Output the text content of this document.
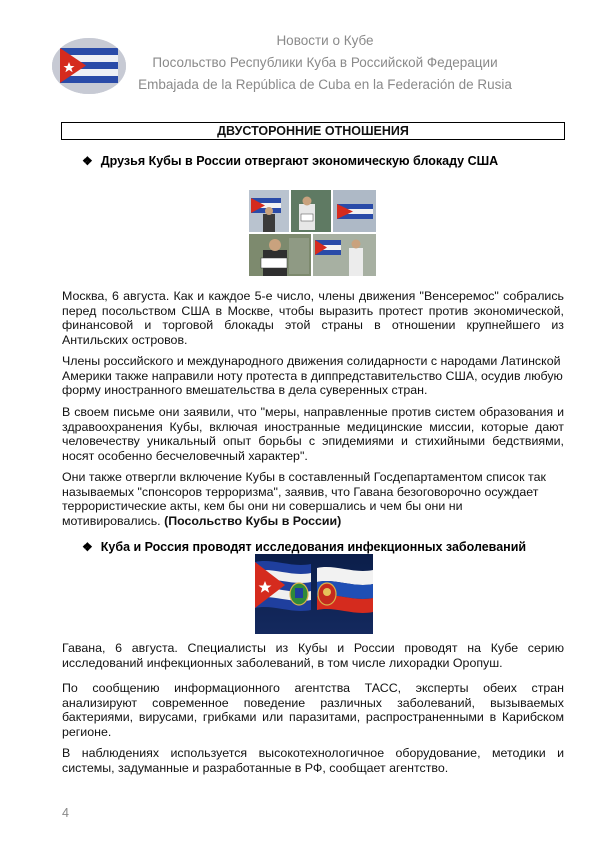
Новости о Кубе
Посольство Республики Куба в Российской Федерации
Embajada de la República de Cuba en la Federación de Rusia
ДВУСТОРОННИЕ ОТНОШЕНИЯ
❖ Друзья Кубы в России отвергают экономическую блокаду США
Москва, 6 августа. Как и каждое 5-е число, члены движения "Венсеремос" собрались перед посольством США в Москве, чтобы выразить протест против экономической, финансовой и торговой блокады этой страны в отношении крупнейшего из Антильских островов.
Члены российского и международного движения солидарности с народами Латинской Америки также направили ноту протеста в диппредставительство США, осудив любую форму иностранного вмешательства в дела суверенных стран.
В своем письме они заявили, что "меры, направленные против систем образования и здравоохранения Кубы, включая иностранные медицинские миссии, которые дают человечеству уникальный опыт борьбы с эпидемиями и стихийными бедствиями, носят особенно бесчеловечный характер".
Они также отвергли включение Кубы в составленный Госдепартаментом список так называемых "спонсоров терроризма", заявив, что Гавана безоговорочно осуждает террористические акты, кем бы они ни совершались и чем бы они ни мотивировались. (Посольство Кубы в России)
❖ Куба и Россия проводят исследования инфекционных заболеваний
Гавана, 6 августа. Специалисты из Кубы и России проводят на Кубе серию исследований инфекционных заболеваний, в том числе лихорадки Оропуш.
По сообщению информационного агентства ТАСС, эксперты обеих стран анализируют современное поведение различных заболеваний, вызываемых бактериями, вирусами, грибками или паразитами, распространенными в Карибском регионе.
В наблюдениях используется высокотехнологичное оборудование, методики и системы, задуманные и разработанные в РФ, сообщает агентство.
4
